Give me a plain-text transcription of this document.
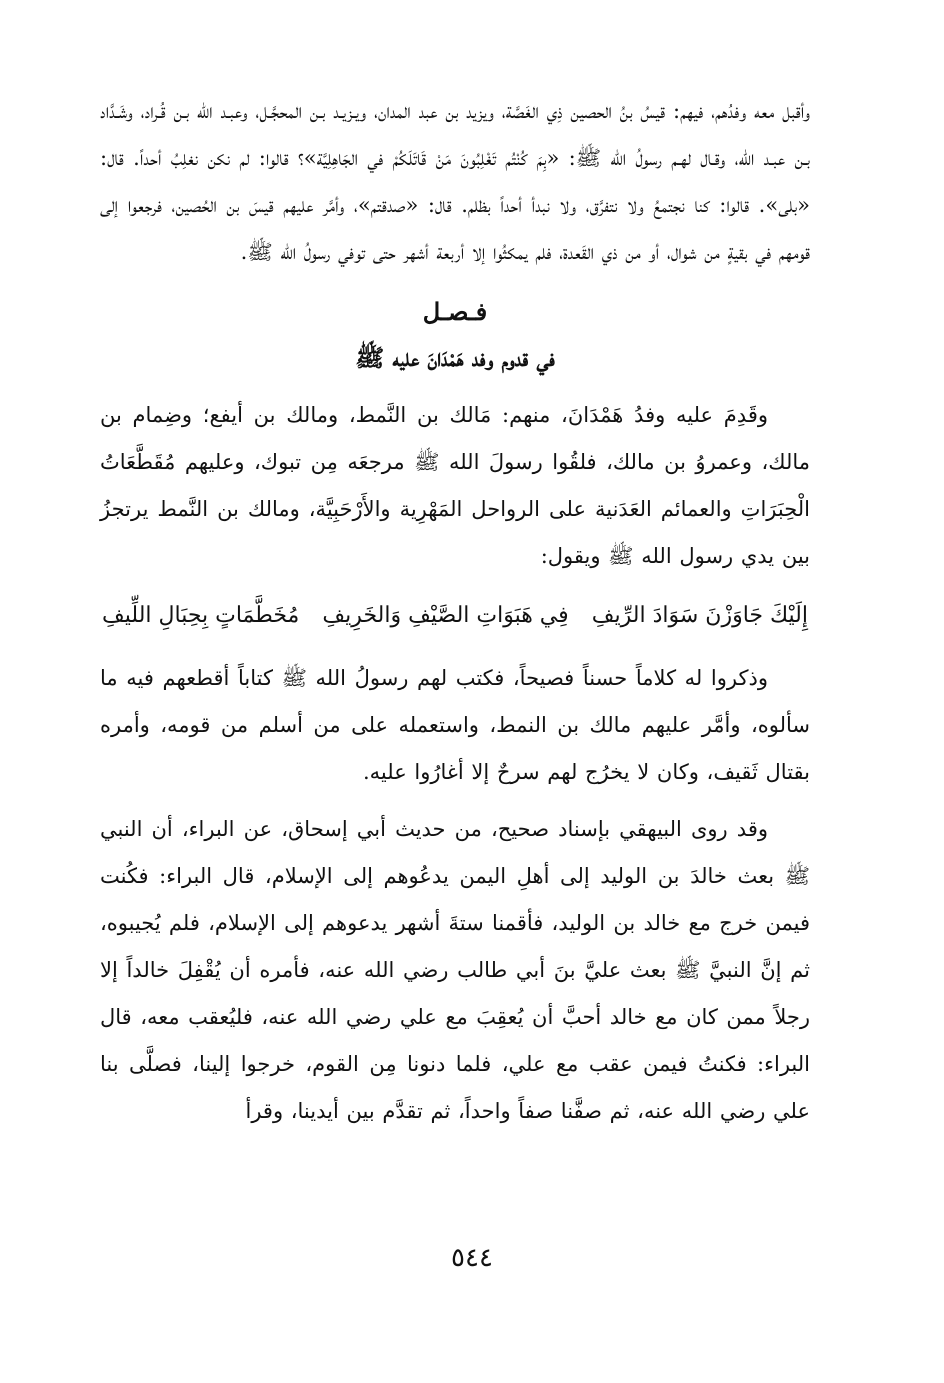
وأقبل معه وفدُهم، فيهم: قيسُ بنُ الحصين ذِي الغَصَّة، ويزيد بن عبد المدان، ويـزيـد بـن المحجَّـل، وعبـد الله بـن قُـراد، وشَـدَّاد بـن عبـد الله، وقـال لهـم رسولُ الله ﷺ: «بِمَ كُنْتُم تَغْلِبُونَ مَنْ قَاتَلَكُمْ في الجَاهِلِيَّة»؟ قالوا: لم نكن نغلِبُ أحداً. قال: «بلى». قالوا: كنا نجتمعُ ولا نتفرَّق، ولا نبدأ أحداً بظلم. قال: «صدقتم»، وأمَّر عليهم قيسَ بن الحُصين، فرجعوا إلى قومهم في بقيةٍ من شوال، أو من ذي القَعدة، فلم يمكثُوا إلا أربعة أشهر حتى توفي رسولُ الله ﷺ.

فـصـل
في قدوم وفد هَمْدَانَ عليه ﷺ

وقَدِمَ عليه وفدُ هَمْدَانَ، منهم: مَالك بن النَّمط، ومالك بن أيفع؛ وضِمام بن مالك، وعمروُ بن مالك، فلقُوا رسولَ الله ﷺ مرجعَه مِن تبوك، وعليهم مُقَطَّعَاتُ الْحِبَرَاتِ والعمائم العَدَنية على الرواحل المَهْرِية والأَرْحَبِيَّة، ومالك بن النَّمط يرتجزُ بين يدي رسول الله ﷺ ويقول:

إِلَيْكَ جَاوَزْنَ سَوَادَ الرِّيفِ
فِي هَبَوَاتِ الصَّيْفِ وَالخَرِيفِ
مُخَطَّمَاتٍ بِحِبَالِ اللِّيفِ

وذكروا له كلاماً حسناً فصيحاً، فكتب لهم رسولُ الله ﷺ كتاباً أقطعهم فيه ما سألوه، وأمَّر عليهم مالك بن النمط، واستعمله على من أسلم من قومه، وأمره بقتال ثَقيف، وكان لا يخرُج لهم سرحٌ إلا أغارُوا عليه.

وقد روى البيهقي بإسناد صحيح، من حديث أبي إسحاق، عن البراء، أن النبي ﷺ بعث خالدَ بن الوليد إلى أهلِ اليمن يدعُوهم إلى الإسلام، قال البراء: فكُنت فيمن خرج مع خالد بن الوليد، فأقمنا ستةَ أشهر يدعوهم إلى الإسلام، فلم يُجيبوه، ثم إنَّ النبيَّ ﷺ بعث عليَّ بنَ أبي طالب رضي الله عنه، فأمره أن يُقْفِلَ خالداً إلا رجلاً ممن كان مع خالد أحبَّ أن يُعقِبَ مع علي رضي الله عنه، فليُعقب معه، قال البراء: فكنتُ فيمن عقب مع علي، فلما دنونا مِن القوم، خرجوا إلينا، فصلَّى بنا علي رضي الله عنه، ثم صفَّنا صفاً واحداً، ثم تقدَّم بين أيدينا، وقرأ

٥٤٤
